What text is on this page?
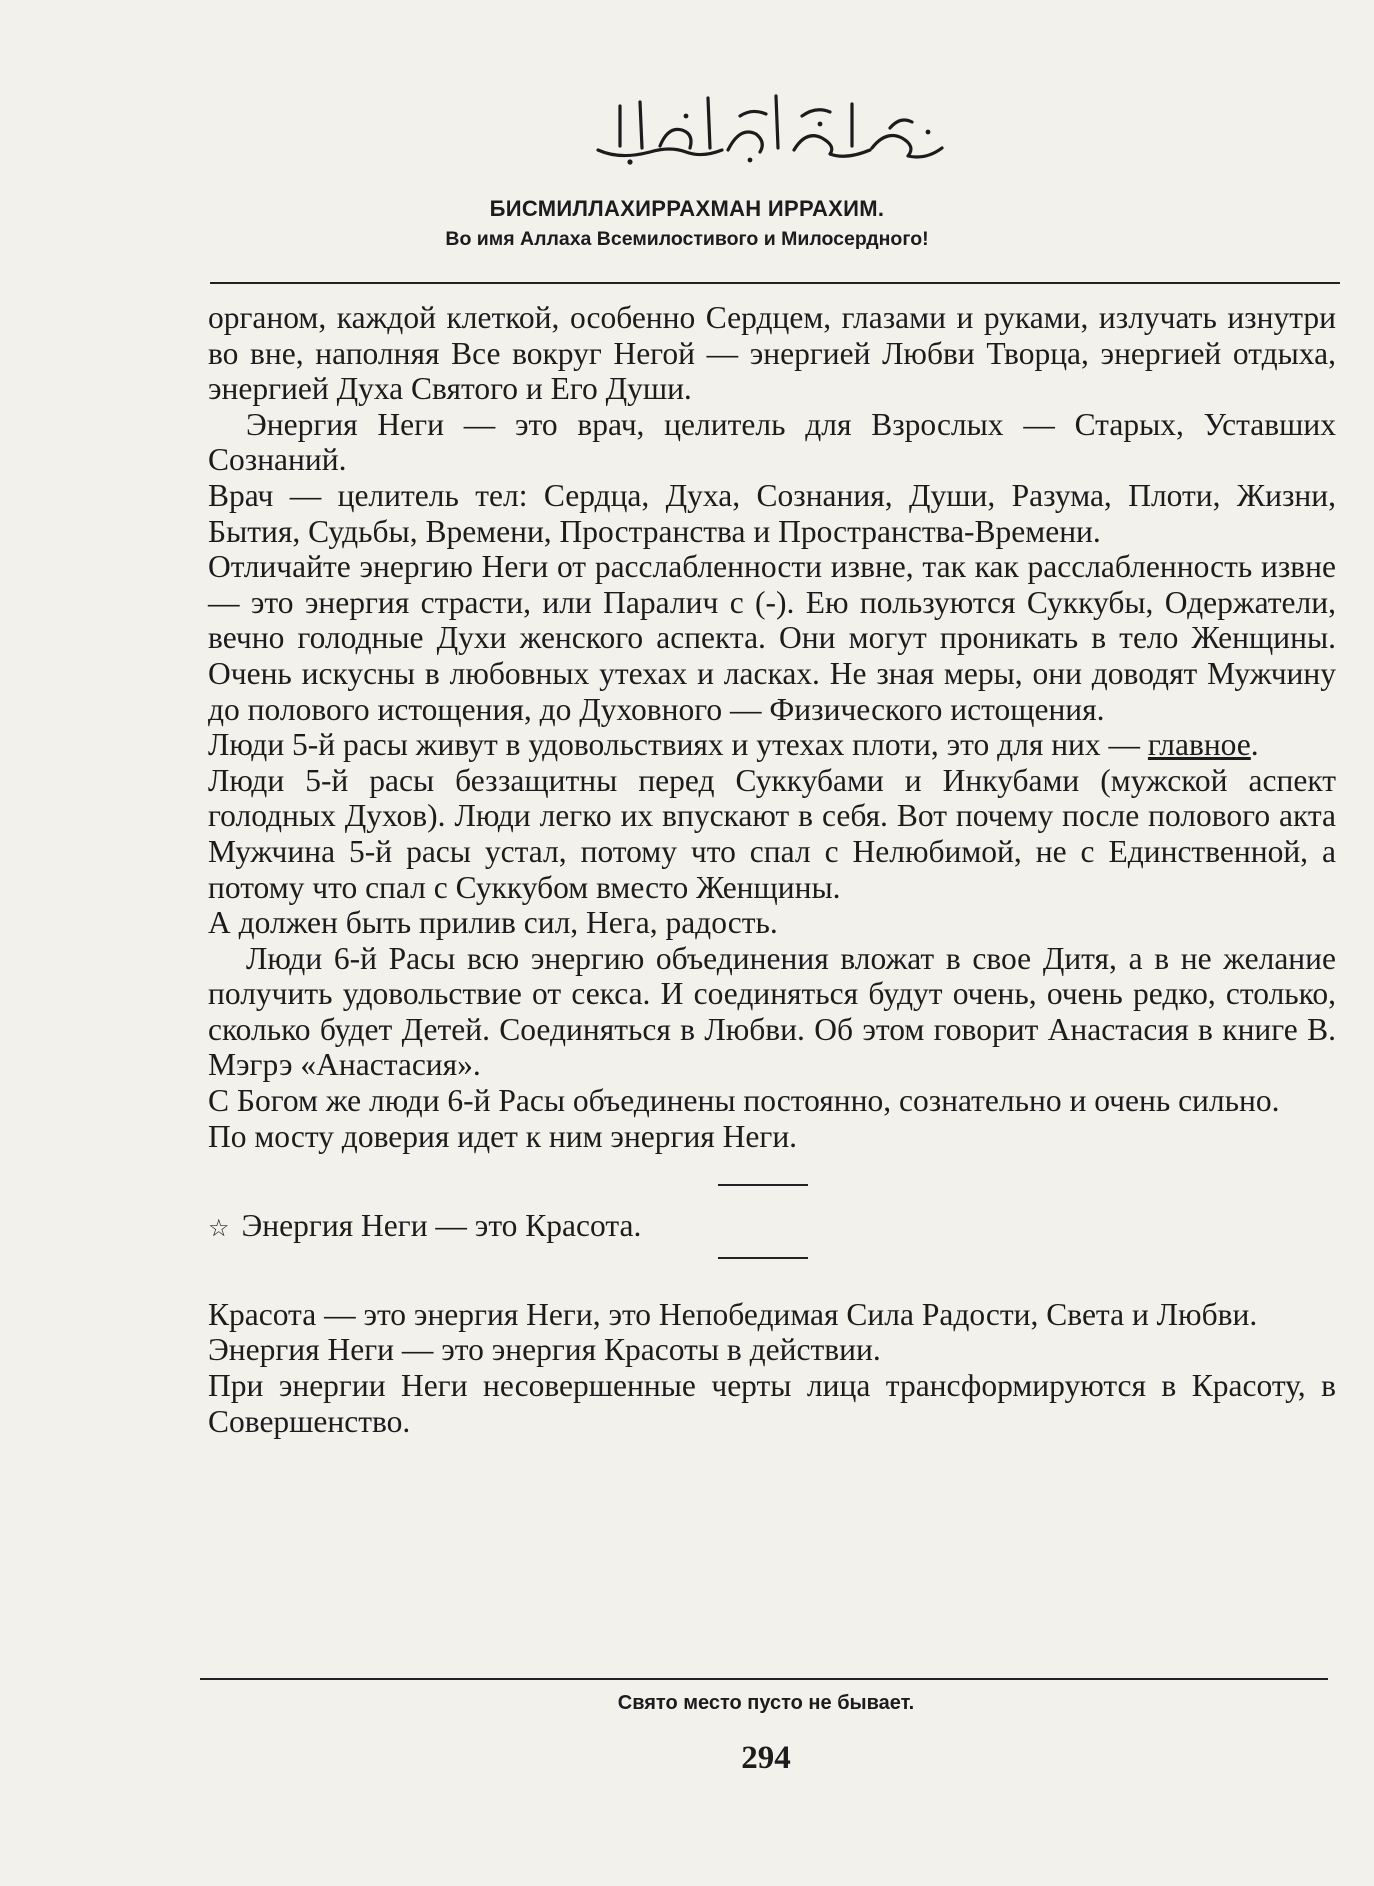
БИСМИЛЛАХИРРАХМАН ИРРАХИМ.
Во имя Аллаха Всемилостивого и Милосердного!

органом, каждой клеткой, особенно Сердцем, глазами и руками, излучать изнутри во вне, наполняя Все вокруг Негой — энергией Любви Творца, энергией отдыха, энергией Духа Святого и Его Души.

Энергия Неги — это врач, целитель для Взрослых — Старых, Уставших Сознаний.

Врач — целитель тел: Сердца, Духа, Сознания, Души, Разума, Плоти, Жизни, Бытия, Судьбы, Времени, Пространства и Пространства-Времени.

Отличайте энергию Неги от расслабленности извне, так как расслабленность извне — это энергия страсти, или Паралич с (-). Ею пользуются Суккубы, Одержатели, вечно голодные Духи женского аспекта. Они могут проникать в тело Женщины. Очень искусны в любовных утехах и ласках. Не зная меры, они доводят Мужчину до полового истощения, до Духовного — Физического истощения.

Люди 5-й расы живут в удовольствиях и утехах плоти, это для них — главное.

Люди 5-й расы беззащитны перед Суккубами и Инкубами (мужской аспект голодных Духов). Люди легко их впускают в себя. Вот почему после полового акта Мужчина 5-й расы устал, потому что спал с Нелюбимой, не с Единственной, а потому что спал с Суккубом вместо Женщины.

А должен быть прилив сил, Нега, радость.

Люди 6-й Расы всю энергию объединения вложат в свое Дитя, а в не желание получить удовольствие от секса. И соединяться будут очень, очень редко, столько, сколько будет Детей. Соединяться в Любви. Об этом говорит Анастасия в книге В. Мэгрэ «Анастасия».

С Богом же люди 6-й Расы объединены постоянно, сознательно и очень сильно.

По мосту доверия идет к ним энергия Неги.

☆ Энергия Неги — это Красота.

Красота — это энергия Неги, это Непобедимая Сила Радости, Света и Любви.

Энергия Неги — это энергия Красоты в действии.

При энергии Неги несовершенные черты лица трансформируются в Красоту, в Совершенство.

Свято место пусто не бывает.
294
